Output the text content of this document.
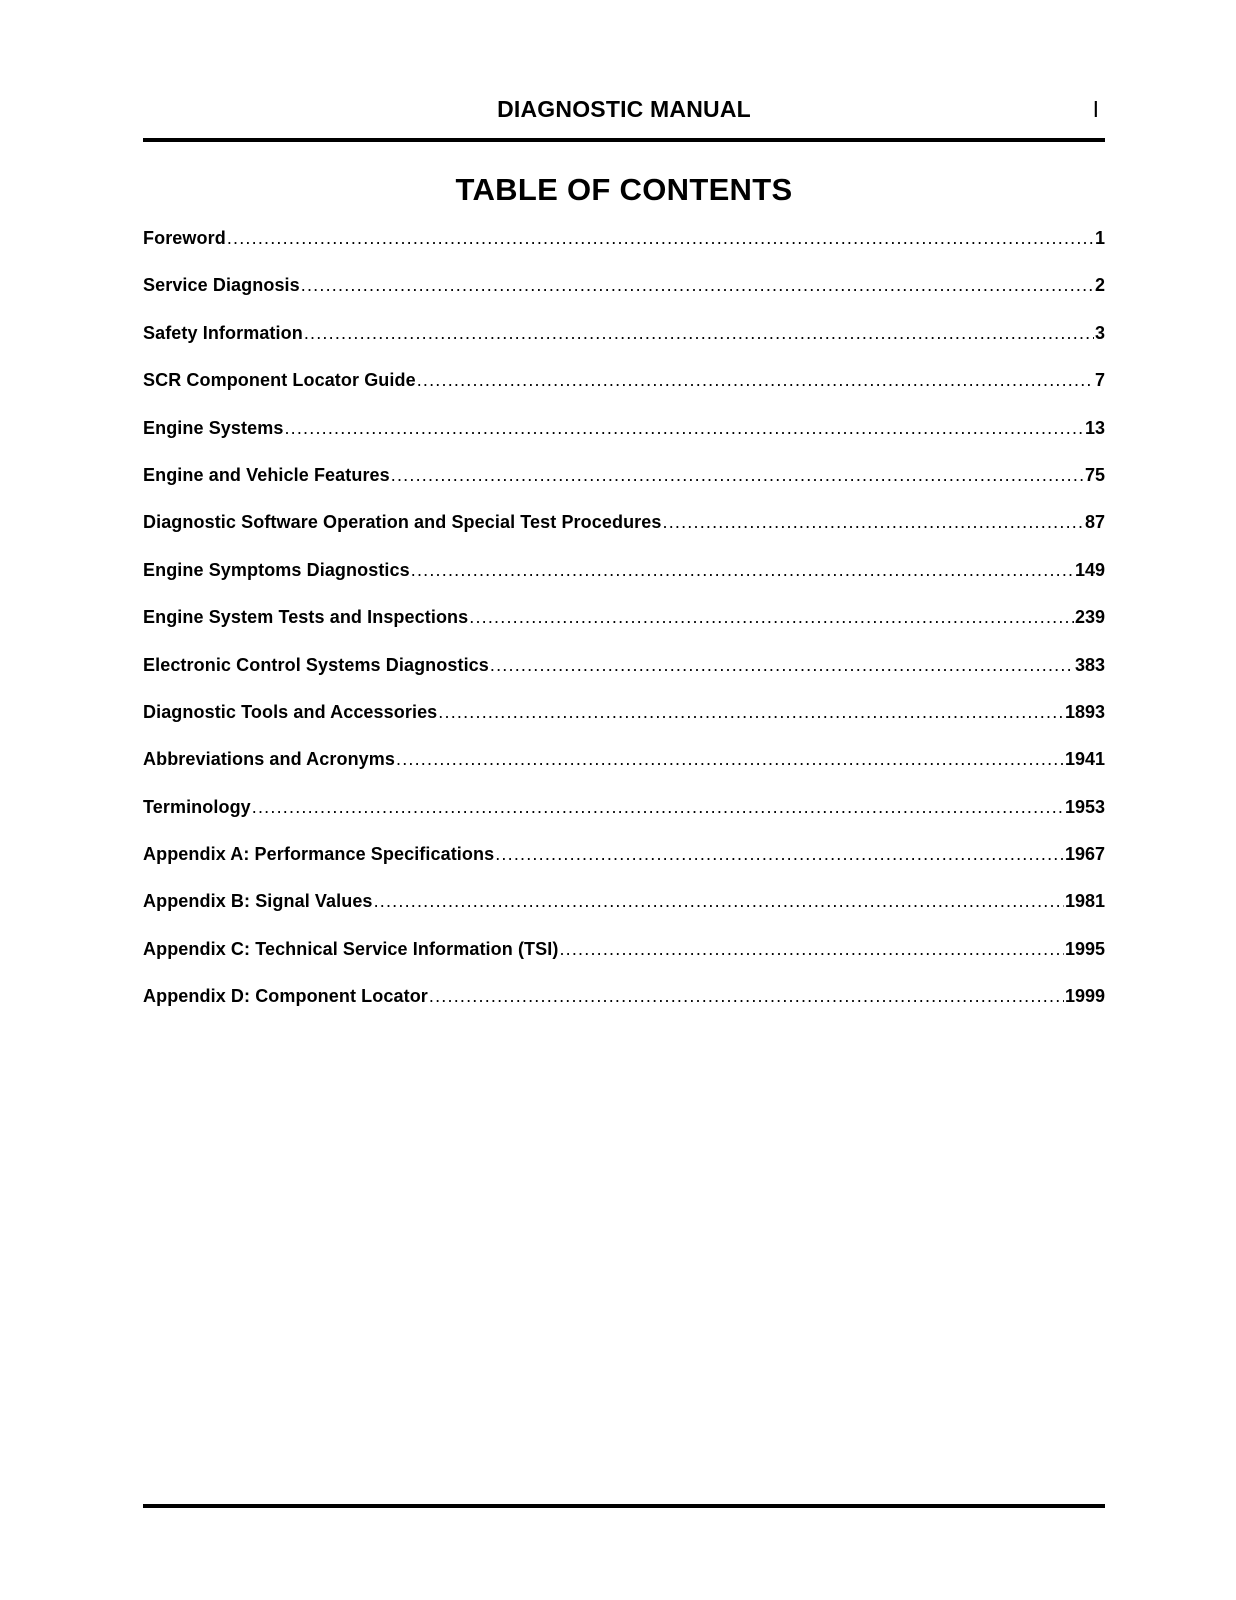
DIAGNOSTIC MANUAL	I
TABLE OF CONTENTS
Foreword .....	1
Service Diagnosis .....	2
Safety Information .....	3
SCR Component Locator Guide .....	7
Engine Systems .....	13
Engine and Vehicle Features .....	75
Diagnostic Software Operation and Special Test Procedures .....	87
Engine Symptoms Diagnostics .....	149
Engine System Tests and Inspections .....	239
Electronic Control Systems Diagnostics .....	383
Diagnostic Tools and Accessories .....	1893
Abbreviations and Acronyms .....	1941
Terminology .....	1953
Appendix A: Performance Specifications .....	1967
Appendix B: Signal Values .....	1981
Appendix C: Technical Service Information (TSI) .....	1995
Appendix D: Component Locator .....	1999
